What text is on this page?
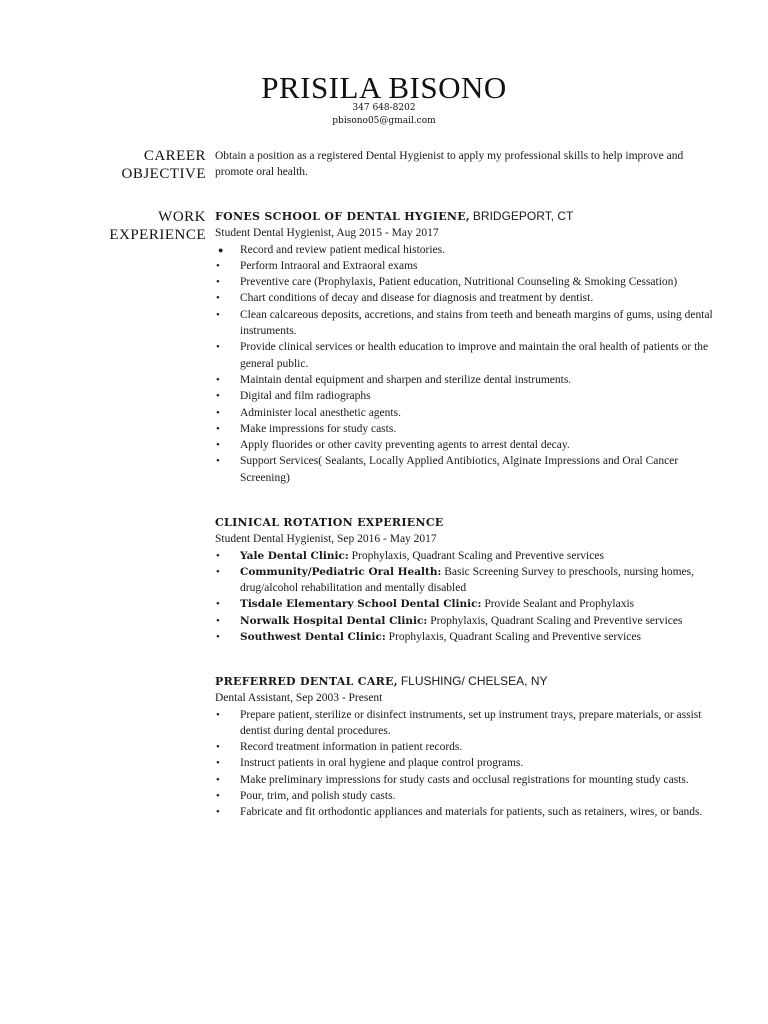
PRISILA BISONO
347 648-8202
pbisono05@gmail.com
CAREER
OBJECTIVE
Obtain a position as a registered Dental Hygienist to apply my professional skills to help improve and promote oral health.
WORK
EXPERIENCE
FONES SCHOOL OF DENTAL HYGIENE, BRIDGEPORT, CT
Student Dental Hygienist, Aug 2015 - May 2017
● Record and review patient medical histories.
• Perform Intraoral and Extraoral exams
• Preventive care (Prophylaxis, Patient education, Nutritional Counseling & Smoking Cessation)
• Chart conditions of decay and disease for diagnosis and treatment by dentist.
• Clean calcareous deposits, accretions, and stains from teeth and beneath margins of gums, using dental instruments.
• Provide clinical services or health education to improve and maintain the oral health of patients or the general public.
• Maintain dental equipment and sharpen and sterilize dental instruments.
• Digital and film radiographs
• Administer local anesthetic agents.
• Make impressions for study casts.
• Apply fluorides or other cavity preventing agents to arrest dental decay.
• Support Services( Sealants, Locally Applied Antibiotics, Alginate Impressions and Oral Cancer Screening)
CLINICAL ROTATION EXPERIENCE
Student Dental Hygienist, Sep 2016 - May 2017
• Yale Dental Clinic: Prophylaxis, Quadrant Scaling and Preventive services
• Community/Pediatric Oral Health: Basic Screening Survey to preschools, nursing homes, drug/alcohol rehabilitation and mentally disabled
• Tisdale Elementary School Dental Clinic: Provide Sealant and Prophylaxis
• Norwalk Hospital Dental Clinic: Prophylaxis, Quadrant Scaling and Preventive services
• Southwest Dental Clinic: Prophylaxis, Quadrant Scaling and Preventive services
PREFERRED DENTAL CARE, FLUSHING/ CHELSEA, NY
Dental Assistant, Sep 2003 - Present
• Prepare patient, sterilize or disinfect instruments, set up instrument trays, prepare materials, or assist dentist during dental procedures.
• Record treatment information in patient records.
• Instruct patients in oral hygiene and plaque control programs.
• Make preliminary impressions for study casts and occlusal registrations for mounting study casts.
• Pour, trim, and polish study casts.
• Fabricate and fit orthodontic appliances and materials for patients, such as retainers, wires, or bands.
